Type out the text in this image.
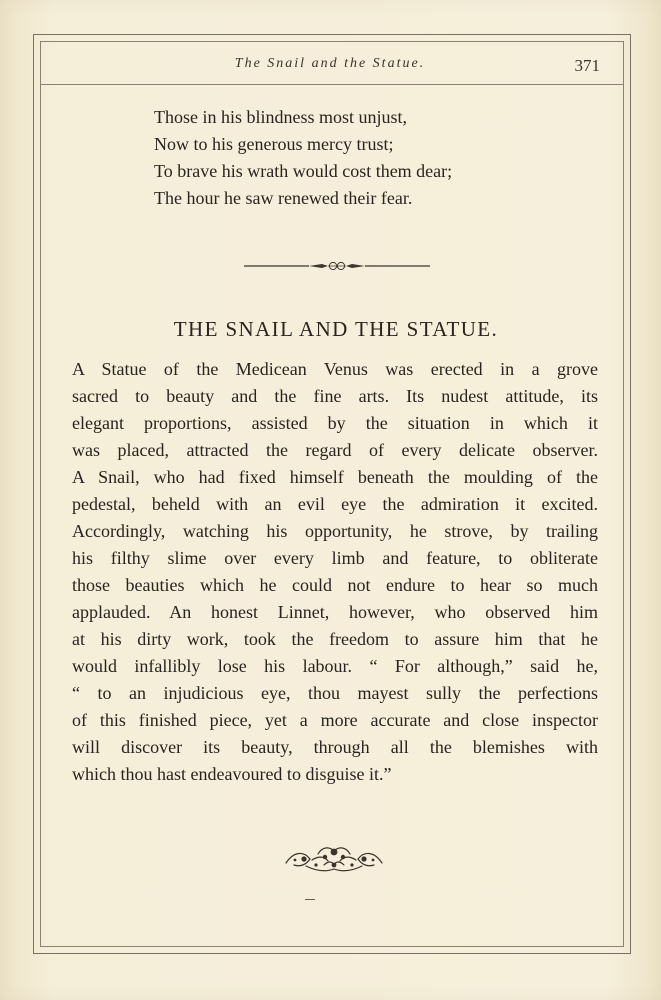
The Snail and the Statue.	371
Those in his blindness most unjust,
Now to his generous mercy trust;
To brave his wrath would cost them dear;
The hour he saw renewed their fear.
THE SNAIL AND THE STATUE.
A Statue of the Medicean Venus was erected in a grove
sacred to beauty and the fine arts. Its nudest attitude, its
elegant proportions, assisted by the situation in which it
was placed, attracted the regard of every delicate observer.
A Snail, who had fixed himself beneath the moulding of the
pedestal, beheld with an evil eye the admiration it excited.
Accordingly, watching his opportunity, he strove, by trailing
his filthy slime over every limb and feature, to obliterate
those beauties which he could not endure to hear so much
applauded. An honest Linnet, however, who observed him
at his dirty work, took the freedom to assure him that he
would infallibly lose his labour. “ For although,” said he,
“ to an injudicious eye, thou mayest sully the perfections
of this finished piece, yet a more accurate and close inspector
will discover its beauty, through all the blemishes with
which thou hast endeavoured to disguise it.”
